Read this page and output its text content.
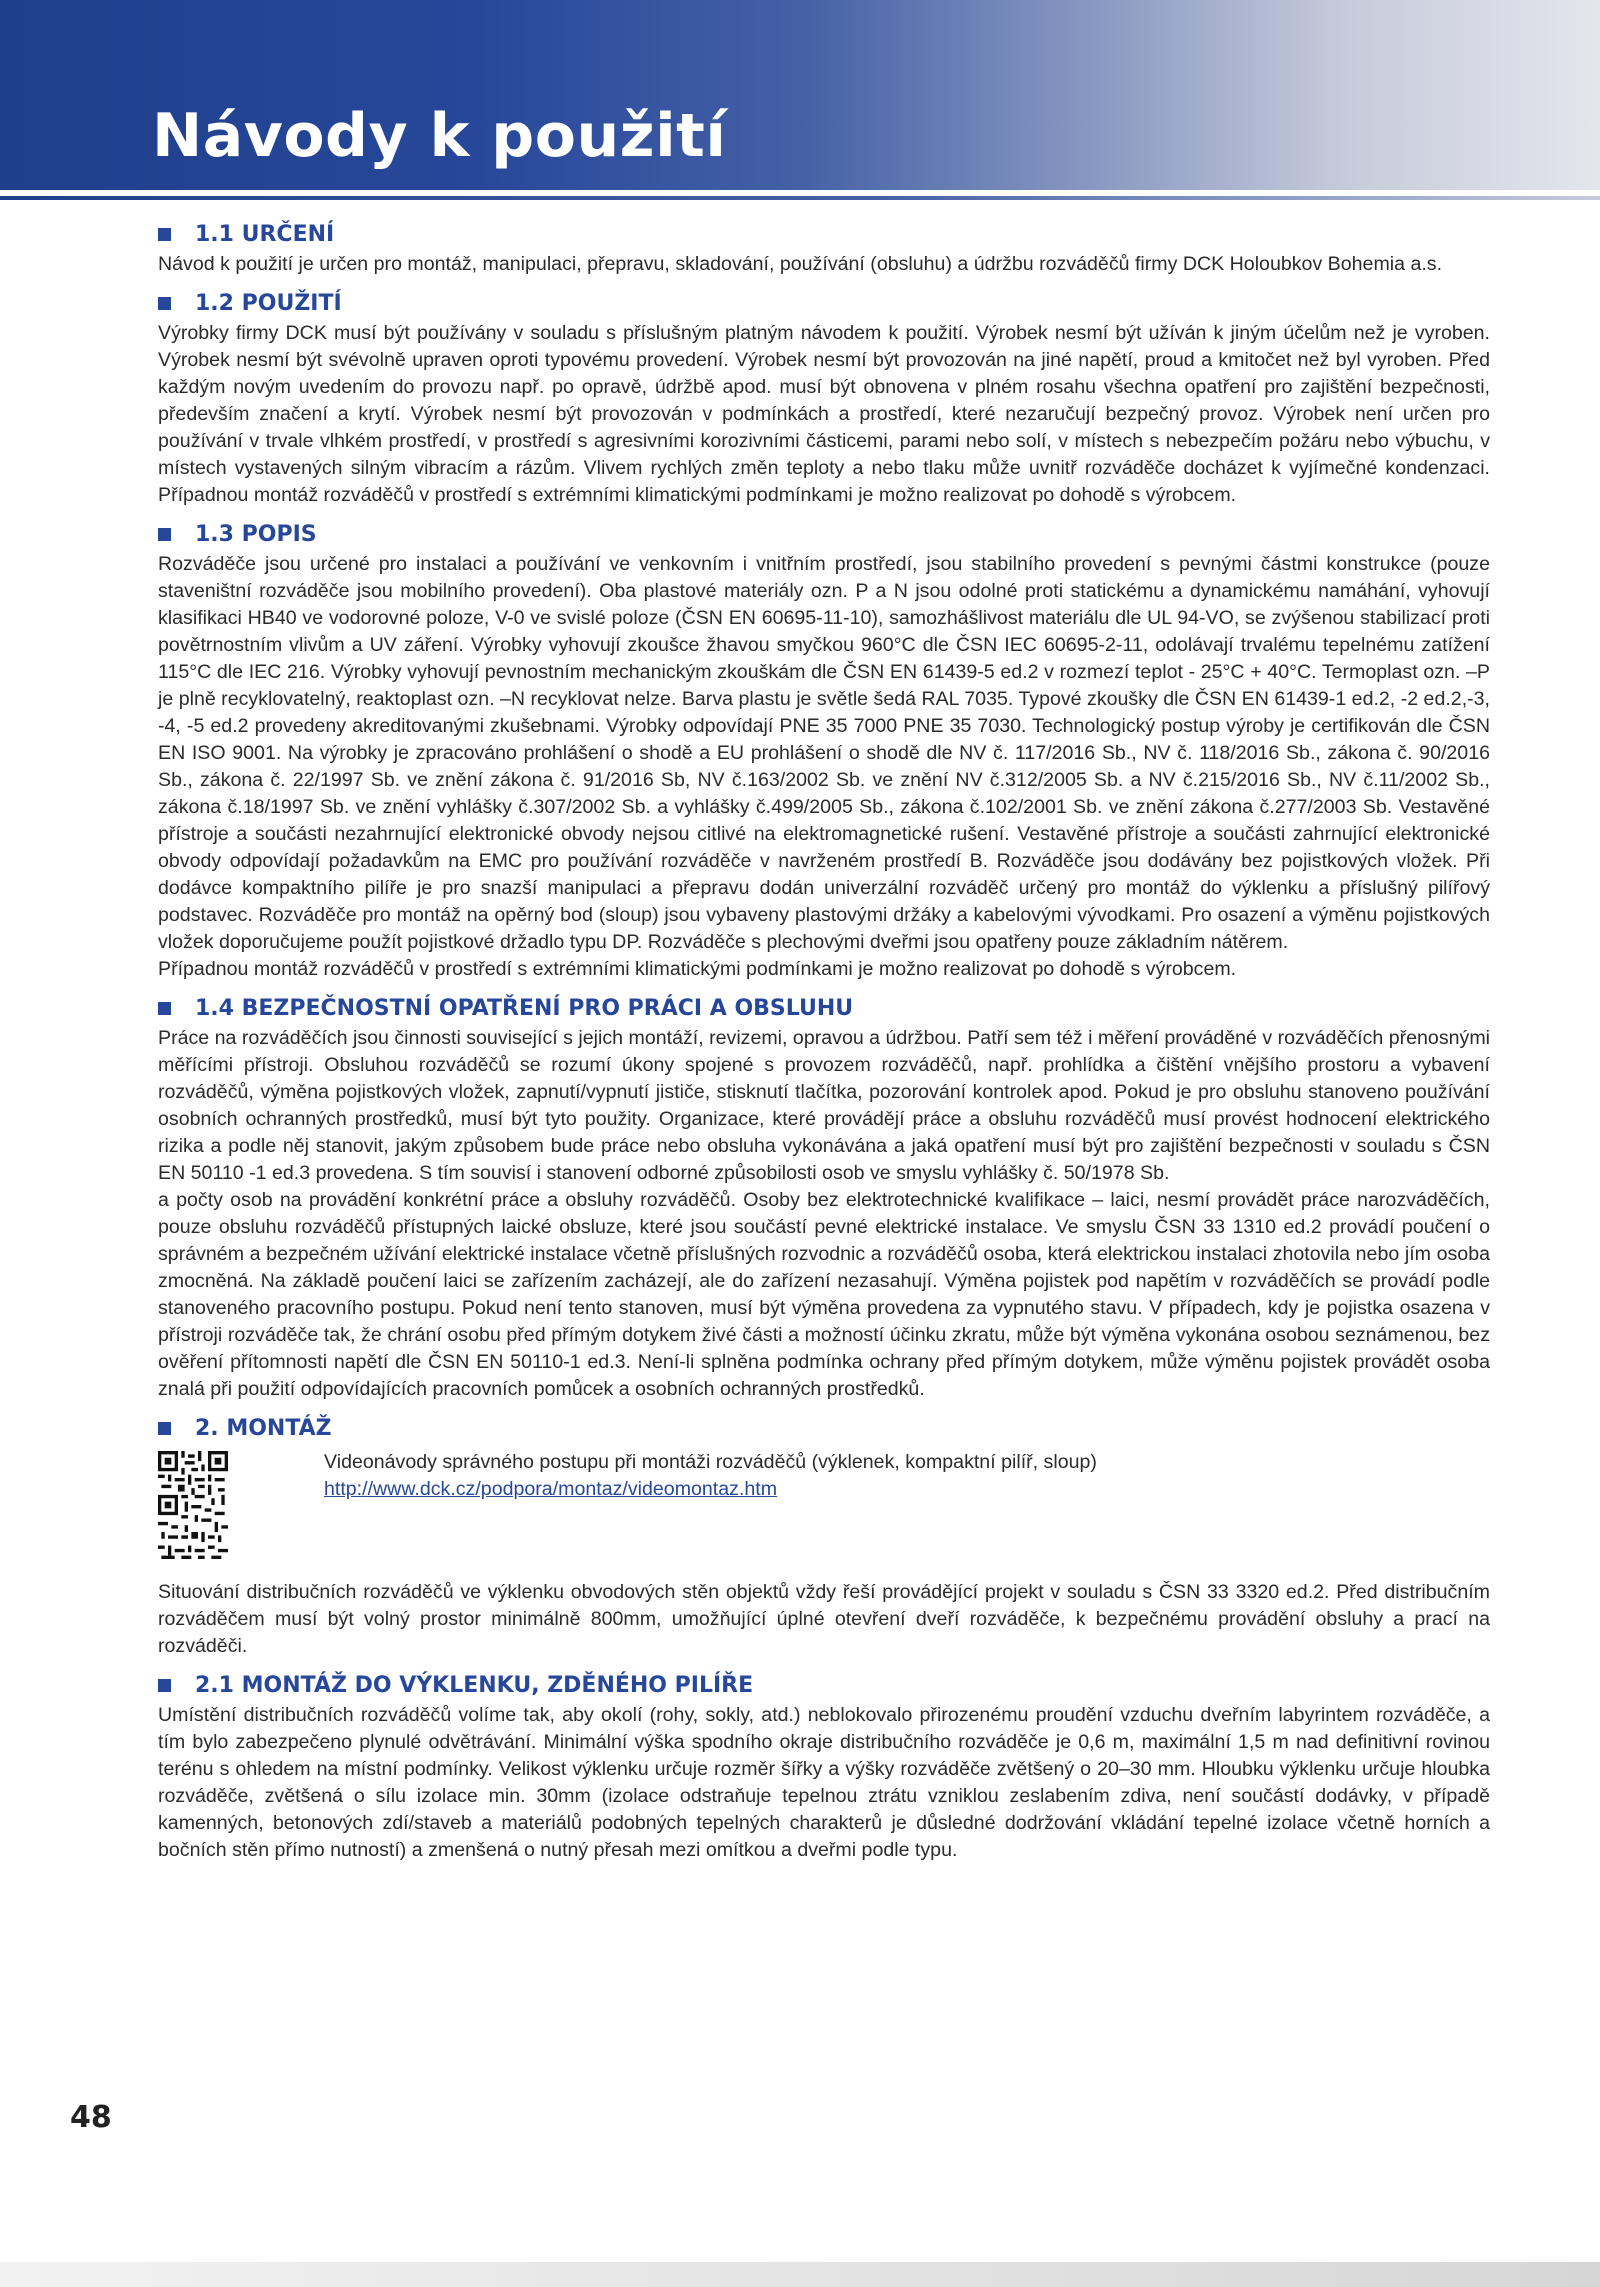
Návody k použití
1.1 URČENÍ

Návod k použití je určen pro montáž, manipulaci, přepravu, skladování, používání (obsluhu) a údržbu rozváděčů firmy DCK Holoubkov Bohemia a.s.

1.2 POUŽITÍ

Výrobky firmy DCK musí být používány v souladu s příslušným platným návodem k použití. Výrobek nesmí být užíván k jiným účelům než je vyroben. Výrobek nesmí být svévolně upraven oproti typovému provedení. Výrobek nesmí být provozován na jiné napětí, proud a kmitočet než byl vyroben. Před každým novým uvedením do provozu např. po opravě, údržbě apod. musí být obnovena v plném rosahu všechna opatření pro zajištění bezpečnosti, především značení a krytí. Výrobek nesmí být provozován v podmínkách a prostředí, které nezaručují bezpečný provoz. Výrobek není určen pro používání v trvale vlhkém prostředí, v prostředí s agresivními korozivními částicemi, parami nebo solí, v místech s nebezpečím požáru nebo výbuchu, v místech vystavených silným vibracím a rázům. Vlivem rychlých změn teploty a nebo tlaku může uvnitř rozváděče docházet k vyjímečné kondenzaci. Případnou montáž rozváděčů v prostředí s extrémními klimatickými podmínkami je možno realizovat po dohodě s výrobcem.

1.3 POPIS

Rozváděče jsou určené pro instalaci a používání ve venkovním i vnitřním prostředí, jsou stabilního provedení s pevnými částmi konstrukce (pouze staveništní rozváděče jsou mobilního provedení). Oba plastové materiály ozn. P a N jsou odolné proti statickému a dynamickému namáhání, vyhovují klasifikaci HB40 ve vodorovné poloze, V-0 ve svislé poloze (ČSN EN 60695-11-10), samozhášlivost materiálu dle UL 94-VO, se zvýšenou stabilizací proti povětrnostním vlivům a UV záření. Výrobky vyhovují zkoušce žhavou smyčkou 960°C dle ČSN IEC 60695-2-11, odolávají trvalému tepelnému zatížení 115°C dle IEC 216. Výrobky vyhovují pevnostním mechanickým zkouškám dle ČSN EN 61439-5 ed.2 v rozmezí teplot - 25°C + 40°C. Termoplast ozn. –P je plně recyklovatelný, reaktoplast ozn. –N recyklovat nelze. Barva plastu je světle šedá RAL 7035. Typové zkoušky dle ČSN EN 61439-1 ed.2, -2 ed.2,-3, -4, -5 ed.2 provedeny akreditovanými zkušebnami. Výrobky odpovídají PNE 35 7000 PNE 35 7030. Technologický postup výroby je certifikován dle ČSN EN ISO 9001. Na výrobky je zpracováno prohlášení o shodě a EU prohlášení o shodě dle NV č. 117/2016 Sb., NV č. 118/2016 Sb., zákona č. 90/2016 Sb., zákona č. 22/1997 Sb. ve znění zákona č. 91/2016 Sb, NV č.163/2002 Sb. ve znění NV č.312/2005 Sb. a NV č.215/2016 Sb., NV č.11/2002 Sb., zákona č.18/1997 Sb. ve znění vyhlášky č.307/2002 Sb. a vyhlášky č.499/2005 Sb., zákona č.102/2001 Sb. ve znění zákona č.277/2003 Sb. Vestavěné přístroje a součásti nezahrnující elektronické obvody nejsou citlivé na elektromagnetické rušení. Vestavěné přístroje a součásti zahrnující elektronické obvody odpovídají požadavkům na EMC pro používání rozváděče v navrženém prostředí B. Rozváděče jsou dodávány bez pojistkových vložek. Při dodávce kompaktního pilíře je pro snazší manipulaci a přepravu dodán univerzální rozváděč určený pro montáž do výklenku a příslušný pilířový podstavec. Rozváděče pro montáž na opěrný bod (sloup) jsou vybaveny plastovými držáky a kabelovými vývodkami. Pro osazení a výměnu pojistkových vložek doporučujeme použít pojistkové držadlo typu DP. Rozváděče s plechovými dveřmi jsou opatřeny pouze základním nátěrem.

Případnou montáž rozváděčů v prostředí s extrémními klimatickými podmínkami je možno realizovat po dohodě s výrobcem.

1.4 BEZPEČNOSTNÍ OPATŘENÍ PRO PRÁCI A OBSLUHU

Práce na rozváděčích jsou činnosti související s jejich montáží, revizemi, opravou a údržbou. Patří sem též i měření prováděné v rozváděčích přenosnými měřícími přístroji. Obsluhou rozváděčů se rozumí úkony spojené s provozem rozváděčů, např. prohlídka a čištění vnějšího prostoru a vybavení rozváděčů, výměna pojistkových vložek, zapnutí/vypnutí jističe, stisknutí tlačítka, pozorování kontrolek apod. Pokud je pro obsluhu stanoveno používání osobních ochranných prostředků, musí být tyto použity. Organizace, které provádějí práce a obsluhu rozváděčů musí provést hodnocení elektrického rizika a podle něj stanovit, jakým způsobem bude práce nebo obsluha vykonávána a jaká opatření musí být pro zajištění bezpečnosti v souladu s ČSN EN 50110 -1 ed.3 provedena. S tím souvisí i stanovení odborné způsobilosti osob ve smyslu vyhlášky č. 50/1978 Sb.

a počty osob na provádění konkrétní práce a obsluhy rozváděčů. Osoby bez elektrotechnické kvalifikace – laici, nesmí provádět práce narozváděčích, pouze obsluhu rozváděčů přístupných laické obsluze, které jsou součástí pevné elektrické instalace. Ve smyslu ČSN 33 1310 ed.2 provádí poučení o správném a bezpečném užívání elektrické instalace včetně příslušných rozvodnic a rozváděčů osoba, která elektrickou instalaci zhotovila nebo jím osoba zmocněná. Na základě poučení laici se zařízením zacházejí, ale do zařízení nezasahují. Výměna pojistek pod napětím v rozváděčích se provádí podle stanoveného pracovního postupu. Pokud není tento stanoven, musí být výměna provedena za vypnutého stavu. V případech, kdy je pojistka osazena v přístroji rozváděče tak, že chrání osobu před přímým dotykem živé části a možností účinku zkratu, může být výměna vykonána osobou seznámenou, bez ověření přítomnosti napětí dle ČSN EN 50110-1 ed.3. Není-li splněna podmínka ochrany před přímým dotykem, může výměnu pojistek provádět osoba znalá při použití odpovídajících pracovních pomůcek a osobních ochranných prostředků.

2. MONTÁŽ
Videonávody správného postupu při montáži rozváděčů (výklenek, kompaktní pilíř, sloup)
http://www.dck.cz/podpora/montaz/videomontaz.htm

Situování distribučních rozváděčů ve výklenku obvodových stěn objektů vždy řeší provádějící projekt v souladu s ČSN 33 3320 ed.2. Před distribučním rozváděčem musí být volný prostor minimálně 800mm, umožňující úplné otevření dveří rozváděče, k bezpečnému provádění obsluhy a prací na rozváděči.

2.1 MONTÁŽ DO VÝKLENKU, ZDĚNÉHO PILÍŘE

Umístění distribučních rozváděčů volíme tak, aby okolí (rohy, sokly, atd.) neblokovalo přirozenému proudění vzduchu dveřním labyrintem rozváděče, a tím bylo zabezpečeno plynulé odvětrávání. Minimální výška spodního okraje distribučního rozváděče je 0,6 m, maximální 1,5 m nad definitivní rovinou terénu s ohledem na místní podmínky. Velikost výklenku určuje rozměr šířky a výšky rozváděče zvětšený o 20–30 mm. Hloubku výklenku určuje hloubka rozváděče, zvětšená o sílu izolace min. 30mm (izolace odstraňuje tepelnou ztrátu vzniklou zeslabením zdiva, není součástí dodávky, v případě kamenných, betonových zdí/staveb a materiálů podobných tepelných charakterů je důsledné dodržování vkládání tepelné izolace včetně horních a bočních stěn přímo nutností) a zmenšená o nutný přesah mezi omítkou a dveřmi podle typu.

48
